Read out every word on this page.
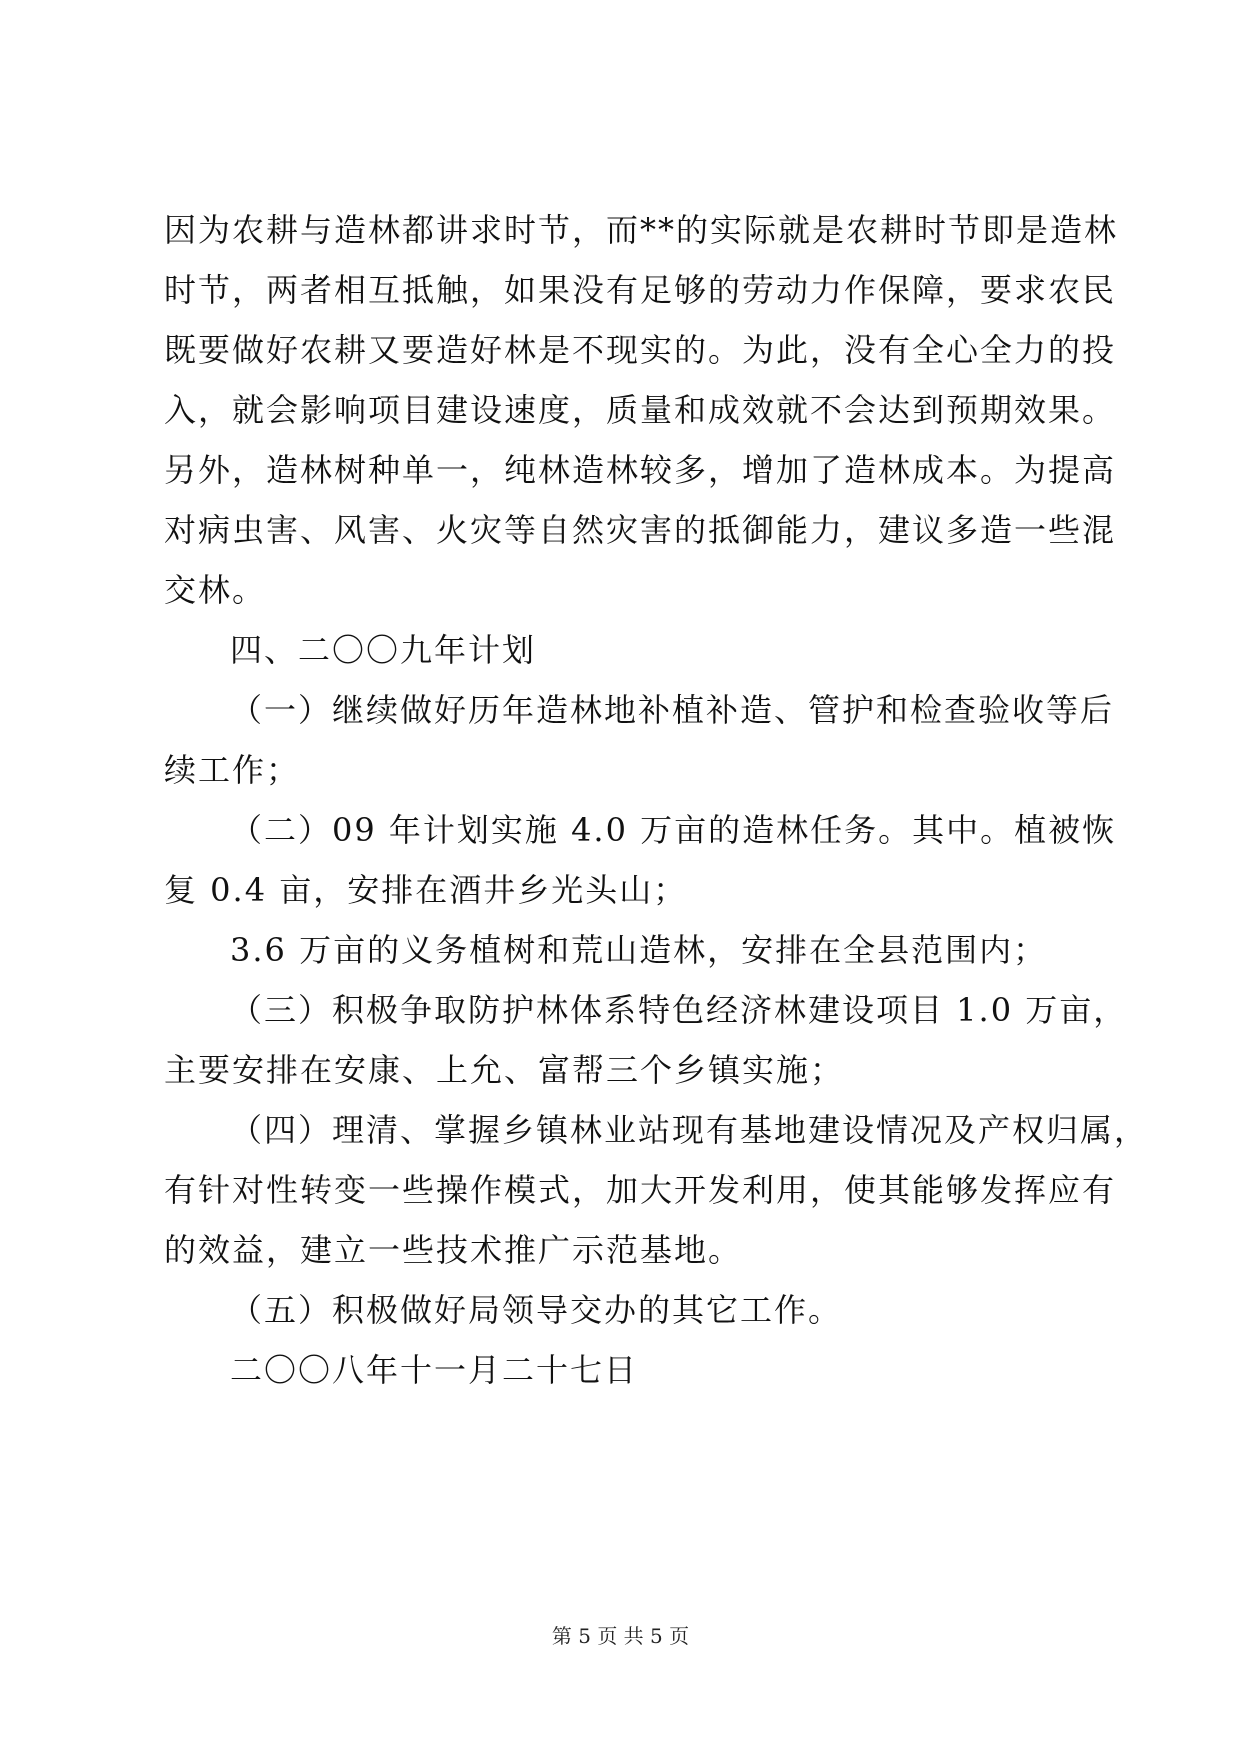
因为农耕与造林都讲求时节，而**的实际就是农耕时节即是造林
时节，两者相互抵触，如果没有足够的劳动力作保障，要求农民
既要做好农耕又要造好林是不现实的。为此，没有全心全力的投
入，就会影响项目建设速度，质量和成效就不会达到预期效果。
另外，造林树种单一，纯林造林较多，增加了造林成本。为提高
对病虫害、风害、火灾等自然灾害的抵御能力，建议多造一些混
交林。
四、二〇〇九年计划
（一）继续做好历年造林地补植补造、管护和检查验收等后
续工作；
（二）09 年计划实施 4.0 万亩的造林任务。其中。植被恢
复 0.4 亩，安排在酒井乡光头山；
3.6 万亩的义务植树和荒山造林，安排在全县范围内；
（三）积极争取防护林体系特色经济林建设项目 1.0 万亩，
主要安排在安康、上允、富帮三个乡镇实施；
（四）理清、掌握乡镇林业站现有基地建设情况及产权归属，
有针对性转变一些操作模式，加大开发利用，使其能够发挥应有
的效益，建立一些技术推广示范基地。
（五）积极做好局领导交办的其它工作。
二〇〇八年十一月二十七日
第 5 页 共 5 页
